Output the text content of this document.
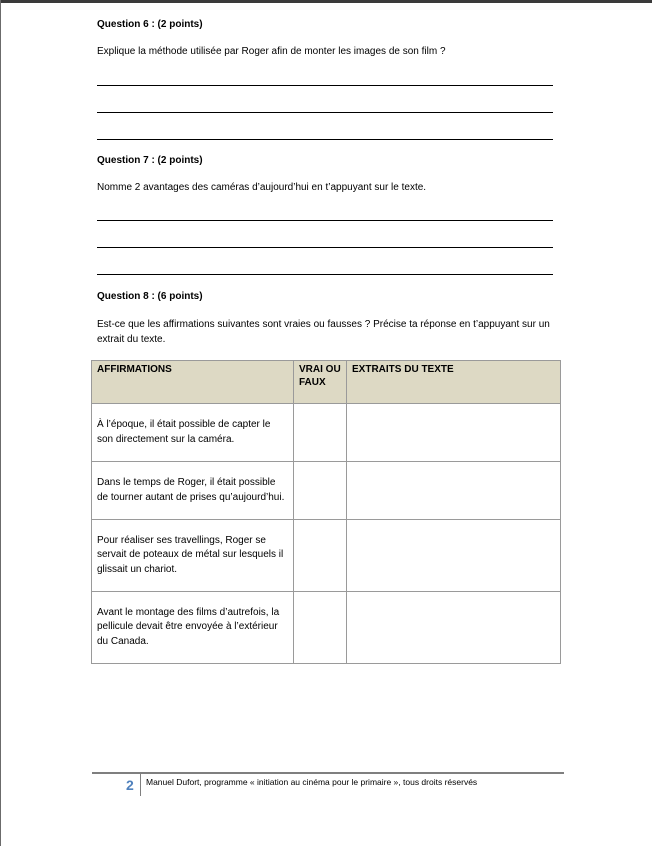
Question 6 : (2 points)
Explique la méthode utilisée par Roger afin de monter les images de son film ?
Question 7 : (2 points)
Nomme 2 avantages des caméras d’aujourd’hui en t’appuyant sur le texte.
Question 8 : (6 points)
Est-ce que les affirmations suivantes sont vraies ou fausses ? Précise ta réponse en t’appuyant sur un extrait du texte.
AFFIRMATIONS	VRAI OU FAUX	EXTRAITS DU TEXTE
À l’époque, il était possible de capter le son directement sur la caméra.		
Dans le temps de Roger, il était possible de tourner autant de prises qu’aujourd’hui.		
Pour réaliser ses travellings, Roger se servait de poteaux de métal sur lesquels il glissait un chariot.		
Avant le montage des films d’autrefois, la pellicule devait être envoyée à l’extérieur du Canada.		
2 Manuel Dufort, programme « initiation au cinéma pour le primaire », tous droits réservés
